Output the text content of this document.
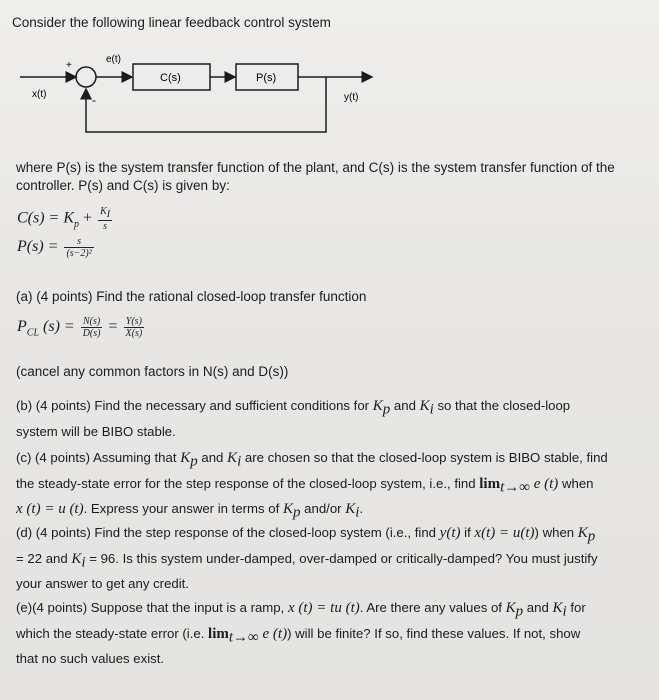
Consider the following linear feedback control system
e(t)
C(s)	P(s)
x(t)	y(t)
+
-
where P(s) is the system transfer function of the plant, and C(s) is the system transfer function of the
controller. P(s) and C(s) is given by:
$C(s) = K_p + \frac{K_I}{s}$
$P(s) = \frac{s}{\text{(s−2)²}}$
(a) (4 points) Find the rational closed-loop transfer function
$P_{CL}$ $(s) = \frac{N(s)}{D(s)} = \frac{Y(s)}{X(s)}$
(cancel any common factors in N(s) and D(s))
(b) (4 points) Find the necessary and sufficient conditions for $K_p$ and $K_i$ so that the closed-loop
system will be BIBO stable.
(c) (4 points) Assuming that $K_p$ and $K_i$ are chosen so that the closed-loop system is BIBO stable, find
the steady-state error for the step response of the closed-loop system, i.e., find $\lim_{t\to\infty} e$ (t) when
x (t) = u (t). Express your answer in terms of $K_p$ and/or $K_i$.
(d) (4 points) Find the step response of the closed-loop system (i.e., find y(t) if x(t) = u(t)) when $K_p$
= 22 and $K_i = 96$. Is this system under-damped, over-damped or critically-damped? You must justify
your answer to get any credit.
(e)(4 points) Suppose that the input is a ramp, x (t) = tu (t). Are there any values of $K_p$ and $K_i$ for
which the steady-state error (i.e. $\lim_{t\to\infty} e$ (t)) will be finite? If so, find these values. If not, show
that no such values exist.
